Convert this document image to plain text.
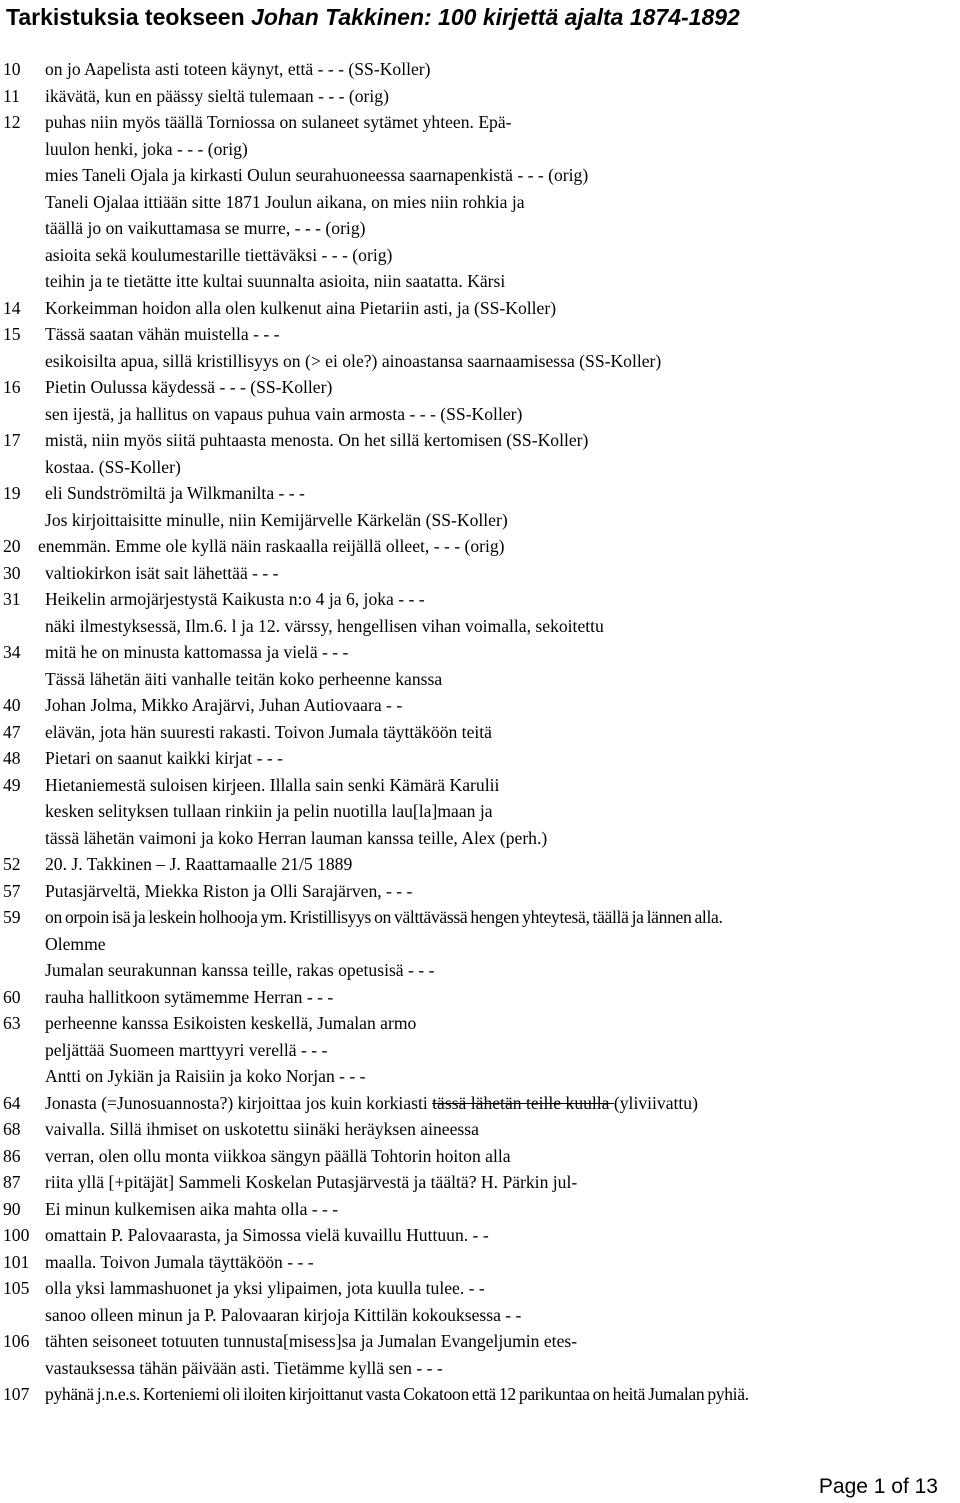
Tarkistuksia teokseen Johan Takkinen: 100 kirjettä ajalta 1874-1892
10 on jo Aapelista asti toteen käynyt, että - - - (SS-Koller)
11 ikävätä, kun en päässy sieltä tulemaan - - - (orig)
12 puhas niin myös täällä Torniossa on sulaneet sytämet yhteen. Epä-
luulon henki, joka - - - (orig)
mies Taneli Ojala ja kirkasti Oulun seurahuoneessa saarnapenkistä - - - (orig)
Taneli Ojalaa ittiään sitte 1871 Joulun aikana, on mies niin rohkia ja
täällä jo on vaikuttamasa se murre, - - - (orig)
asioita sekä koulumestarille tiettäväksi - - - (orig)
teihin ja te tietätte itte kultai suunnalta asioita, niin saatatta. Kärsi
14 Korkeimman hoidon alla olen kulkenut aina Pietariin asti, ja (SS-Koller)
15 Tässä saatan vähän muistella - - -
esikoisilta apua, sillä kristillisyys on (> ei ole?) ainoastansa saarnaamisessa (SS-Koller)
16 Pietin Oulussa käydessä - - - (SS-Koller)
sen ijestä, ja hallitus on vapaus puhua vain armosta - - - (SS-Koller)
17 mistä, niin myös siitä puhtaasta menosta. On het sillä kertomisen (SS-Koller)
kostaa. (SS-Koller)
19 eli Sundströmiltä ja Wilkmanilta - - -
Jos kirjoittaisitte minulle, niin Kemijärvelle Kärkelän (SS-Koller)
20 enemmän. Emme ole kyllä näin raskaalla reijällä olleet, - - - (orig)
30 valtiokirkon isät sait lähettää - - -
31 Heikelin armojärjestystä Kaikusta n:o 4 ja 6, joka - - -
näki ilmestyksessä, Ilm.6. l ja 12. värssy, hengellisen vihan voimalla, sekoitettu
34 mitä he on minusta kattomassa ja vielä - - -
Tässä lähetän äiti vanhalle teitän koko perheenne kanssa
40 Johan Jolma, Mikko Arajärvi, Juhan Autiovaara - -
47 elävän, jota hän suuresti rakasti. Toivon Jumala täyttäköön teitä
48 Pietari on saanut kaikki kirjat - - -
49 Hietaniemestä suloisen kirjeen. Illalla sain senki Kämärä Karulii
kesken selityksen tullaan rinkiin ja pelin nuotilla lau[la]maan ja
tässä lähetän vaimoni ja koko Herran lauman kanssa teille, Alex (perh.)
52 20. J. Takkinen – J. Raattamaalle 21/5 1889
57 Putasjärveltä, Miekka Riston ja Olli Sarajärven, - - -
59 on orpoin isä ja leskein holhooja ym. Kristillisyys on välttävässä hengen yhteytesä, täällä ja lännen alla.
Olemme
Jumalan seurakunnan kanssa teille, rakas opetusisä - - -
60 rauha hallitkoon sytämemme Herran - - -
63 perheenne kanssa Esikoisten keskellä, Jumalan armo
peljättää Suomeen marttyyri verellä - - -
Antti on Jykiän ja Raisiin ja koko Norjan - - -
64 Jonasta (=Junosuannosta?) kirjoittaa jos kuin korkiasti tässä lähetän teille kuulla (yliviivattu)
68 vaivalla. Sillä ihmiset on uskotettu siinäki heräyksen aineessa
86 verran, olen ollu monta viikkoa sängyn päällä Tohtorin hoiton alla
87 riita yllä [+pitäjät] Sammeli Koskelan Putasjärvestä ja täältä? H. Pärkin jul-
90 Ei minun kulkemisen aika mahta olla - - -
100 omattain P. Palovaarasta, ja Simossa vielä kuvaillu Huttuun. - -
101 maalla. Toivon Jumala täyttäköön - - -
105 olla yksi lammashuonet ja yksi ylipaimen, jota kuulla tulee. - -
sanoo olleen minun ja P. Palovaaran kirjoja Kittilän kokouksessa - -
106 tähten seisoneet totuuten tunnusta[misess]sa ja Jumalan Evangeljumin etes-
vastauksessa tähän päivään asti. Tietämme kyllä sen - - -
107 pyhänä j.n.e.s. Korteniemi oli iloiten kirjoittanut vasta Cokatoon että 12 parikuntaa on heitä Jumalan pyhiä.
Page 1 of 13
